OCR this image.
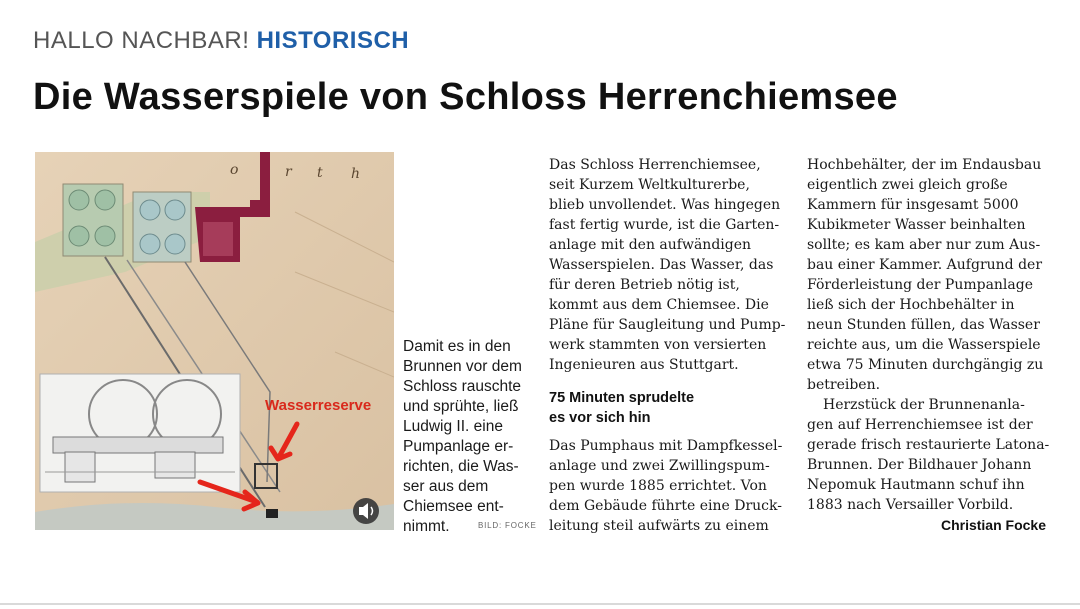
HALLO NACHBAR! HISTORISCH
Die Wasserspiele von Schloss Herrenchiemsee
o	r t h
Wasserreserve
Damit es in den
Brunnen vor dem
Schloss rauschte
und sprühte, ließ
Ludwig II. eine
Pumpanlage er-
richten, die Was-
ser aus dem
Chiemsee ent-
nimmt.	BILD: FOCKE
Das Schloss Herrenchiemsee,
seit Kurzem Weltkulturerbe,
blieb unvollendet. Was hingegen
fast fertig wurde, ist die Garten-
anlage mit den aufwändigen
Wasserspielen. Das Wasser, das
für deren Betrieb nötig ist,
kommt aus dem Chiemsee. Die
Pläne für Saugleitung und Pump-
werk stammten von versierten
Ingenieuren aus Stuttgart.
75 Minuten sprudelte
es vor sich hin
Das Pumphaus mit Dampfkessel-
anlage und zwei Zwillingspum-
pen wurde 1885 errichtet. Von
dem Gebäude führte eine Druck-
leitung steil aufwärts zu einem
Hochbehälter, der im Endausbau
eigentlich zwei gleich große
Kammern für insgesamt 5000
Kubikmeter Wasser beinhalten
sollte; es kam aber nur zum Aus-
bau einer Kammer. Aufgrund der
Förderleistung der Pumpanlage
ließ sich der Hochbehälter in
neun Stunden füllen, das Wasser
reichte aus, um die Wasserspiele
etwa 75 Minuten durchgängig zu
betreiben.
Herzstück der Brunnenanla-
gen auf Herrenchiemsee ist der
gerade frisch restaurierte Latona-
Brunnen. Der Bildhauer Johann
Nepomuk Hautmann schuf ihn
1883 nach Versailler Vorbild.
Christian Focke
